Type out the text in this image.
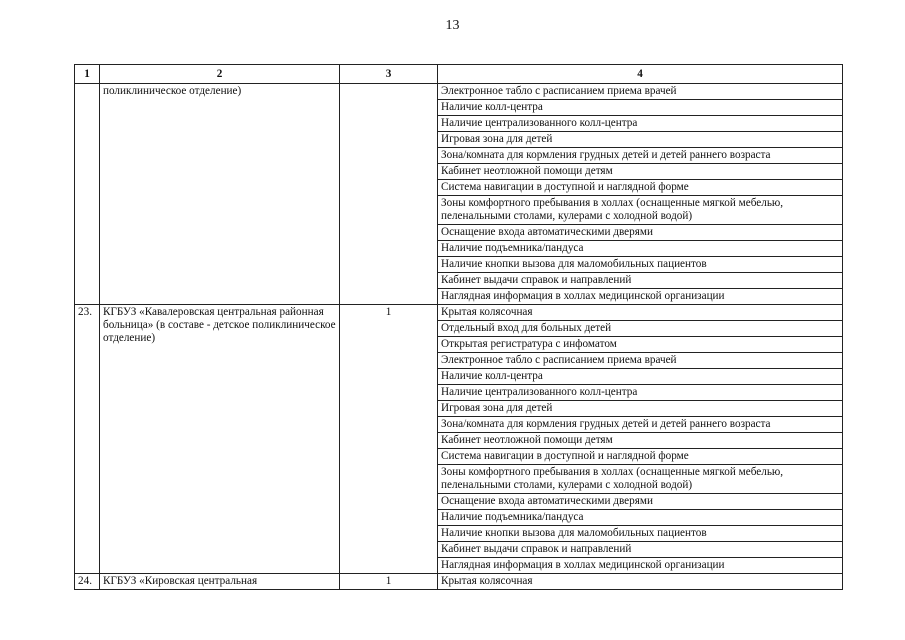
13
1	2	3	4
	поликлиническое отделение)		Электронное табло с расписанием приема врачей
			Наличие колл-центра
			Наличие централизованного колл-центра
			Игровая зона для детей
			Зона/комната для кормления грудных детей и детей раннего возраста
			Кабинет неотложной помощи детям
			Система навигации в доступной и наглядной форме
			Зоны комфортного пребывания в холлах (оснащенные мягкой мебелью, пеленальными столами, кулерами с холодной водой)
			Оснащение входа автоматическими дверями
			Наличие подъемника/пандуса
			Наличие кнопки вызова для маломобильных пациентов
			Кабинет выдачи справок и направлений
			Наглядная информация в холлах медицинской организации
23.	КГБУЗ «Кавалеровская центральная районная больница» (в составе - детское поликлиническое отделение)	1	Крытая колясочная
			Отдельный вход для больных детей
			Открытая регистратура с инфоматом
			Электронное табло с расписанием приема врачей
			Наличие колл-центра
			Наличие централизованного колл-центра
			Игровая зона для детей
			Зона/комната для кормления грудных детей и детей раннего возраста
			Кабинет неотложной помощи детям
			Система навигации в доступной и наглядной форме
			Зоны комфортного пребывания в холлах (оснащенные мягкой мебелью, пеленальными столами, кулерами с холодной водой)
			Оснащение входа автоматическими дверями
			Наличие подъемника/пандуса
			Наличие кнопки вызова для маломобильных пациентов
			Кабинет выдачи справок и направлений
			Наглядная информация в холлах медицинской организации
24.	КГБУЗ «Кировская центральная	1	Крытая колясочная
